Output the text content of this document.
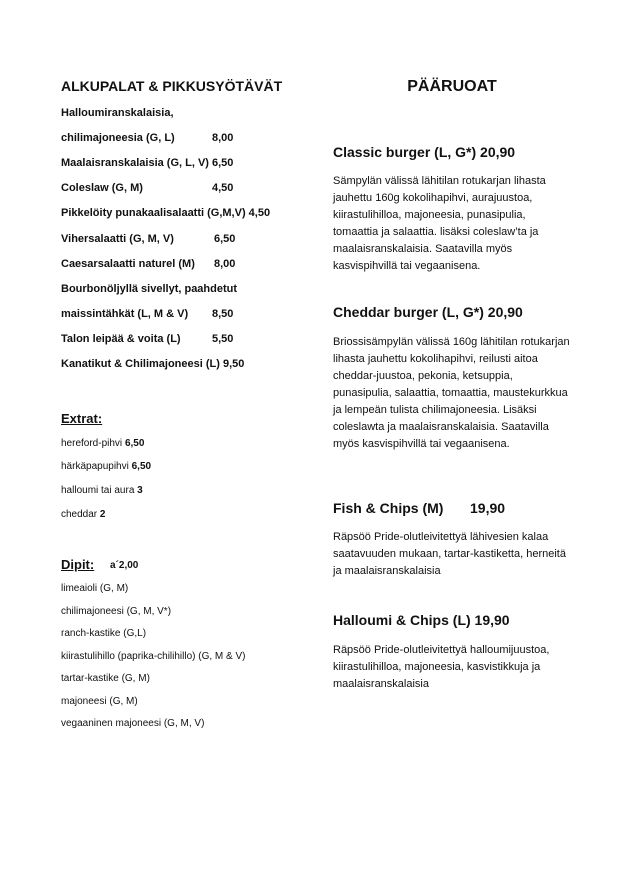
ALKUPALAT & PIKKUSYÖTÄVÄT
Halloumiranskalaisia,
chilimajoneesia (G, L)	8,00
Maalaisranskalaisia (G, L, V) 6,50
Coleslaw (G, M)	4,50
Pikkelöity punakaalisalaatti (G,M,V) 4,50
Vihersalaatti (G, M, V)	6,50
Caesarsalaatti naturel (M) 8,00
Bourbonöljyllä sivellyt, paahdetut
maissintähkät (L, M & V) 8,50
Talon leipää & voita (L)	5,50
Kanatikut & Chilimajoneesi (L) 9,50
Extrat:
hereford-pihvi 6,50
härkäpapupihvi 6,50
halloumi tai aura 3
cheddar 2
Dipit: a´2,00
limeaioli (G, M)
chilimajoneesi (G, M, V*)
ranch-kastike (G,L)
kiirastulihillo (paprika-chilihillo) (G, M & V)
tartar-kastike (G, M)
majoneesi (G, M)
vegaaninen majoneesi (G, M, V)
PÄÄRUOAT
Classic burger (L, G*) 20,90
Sämpylän välissä lähitilan rotukarjan lihasta jauhettu 160g kokolihapihvi, aurajuustoa, kiirastulihilloa, majoneesia, punasipulia, tomaattia ja salaattia. lisäksi coleslaw’ta ja maalaisranskalaisia. Saatavilla myös kasvispihvillä tai vegaanisena.
Cheddar burger (L, G*) 20,90
Briossisämpylän välissä 160g lähitilan rotukarjan lihasta jauhettu kokolihapihvi, reilusti aitoa cheddar-juustoa, pekonia, ketsuppia, punasipulia, salaattia, tomaattia, maustekurkkua ja lempeän tulista chilimajoneesia. Lisäksi coleslawta ja maalaisranskalaisia. Saatavilla myös kasvispihvillä tai vegaanisena.
Fish & Chips (M) 19,90
Räpsöö Pride-olutleivitettyä lähivesien kalaa saatavuuden mukaan, tartar-kastiketta, herneitä ja maalaisranskalaisia
Halloumi & Chips (L) 19,90
Räpsöö Pride-olutleivitettyä halloumijuustoa, kiirastulihilloa, majoneesia, kasvistikkuja ja maalaisranskalaisia
